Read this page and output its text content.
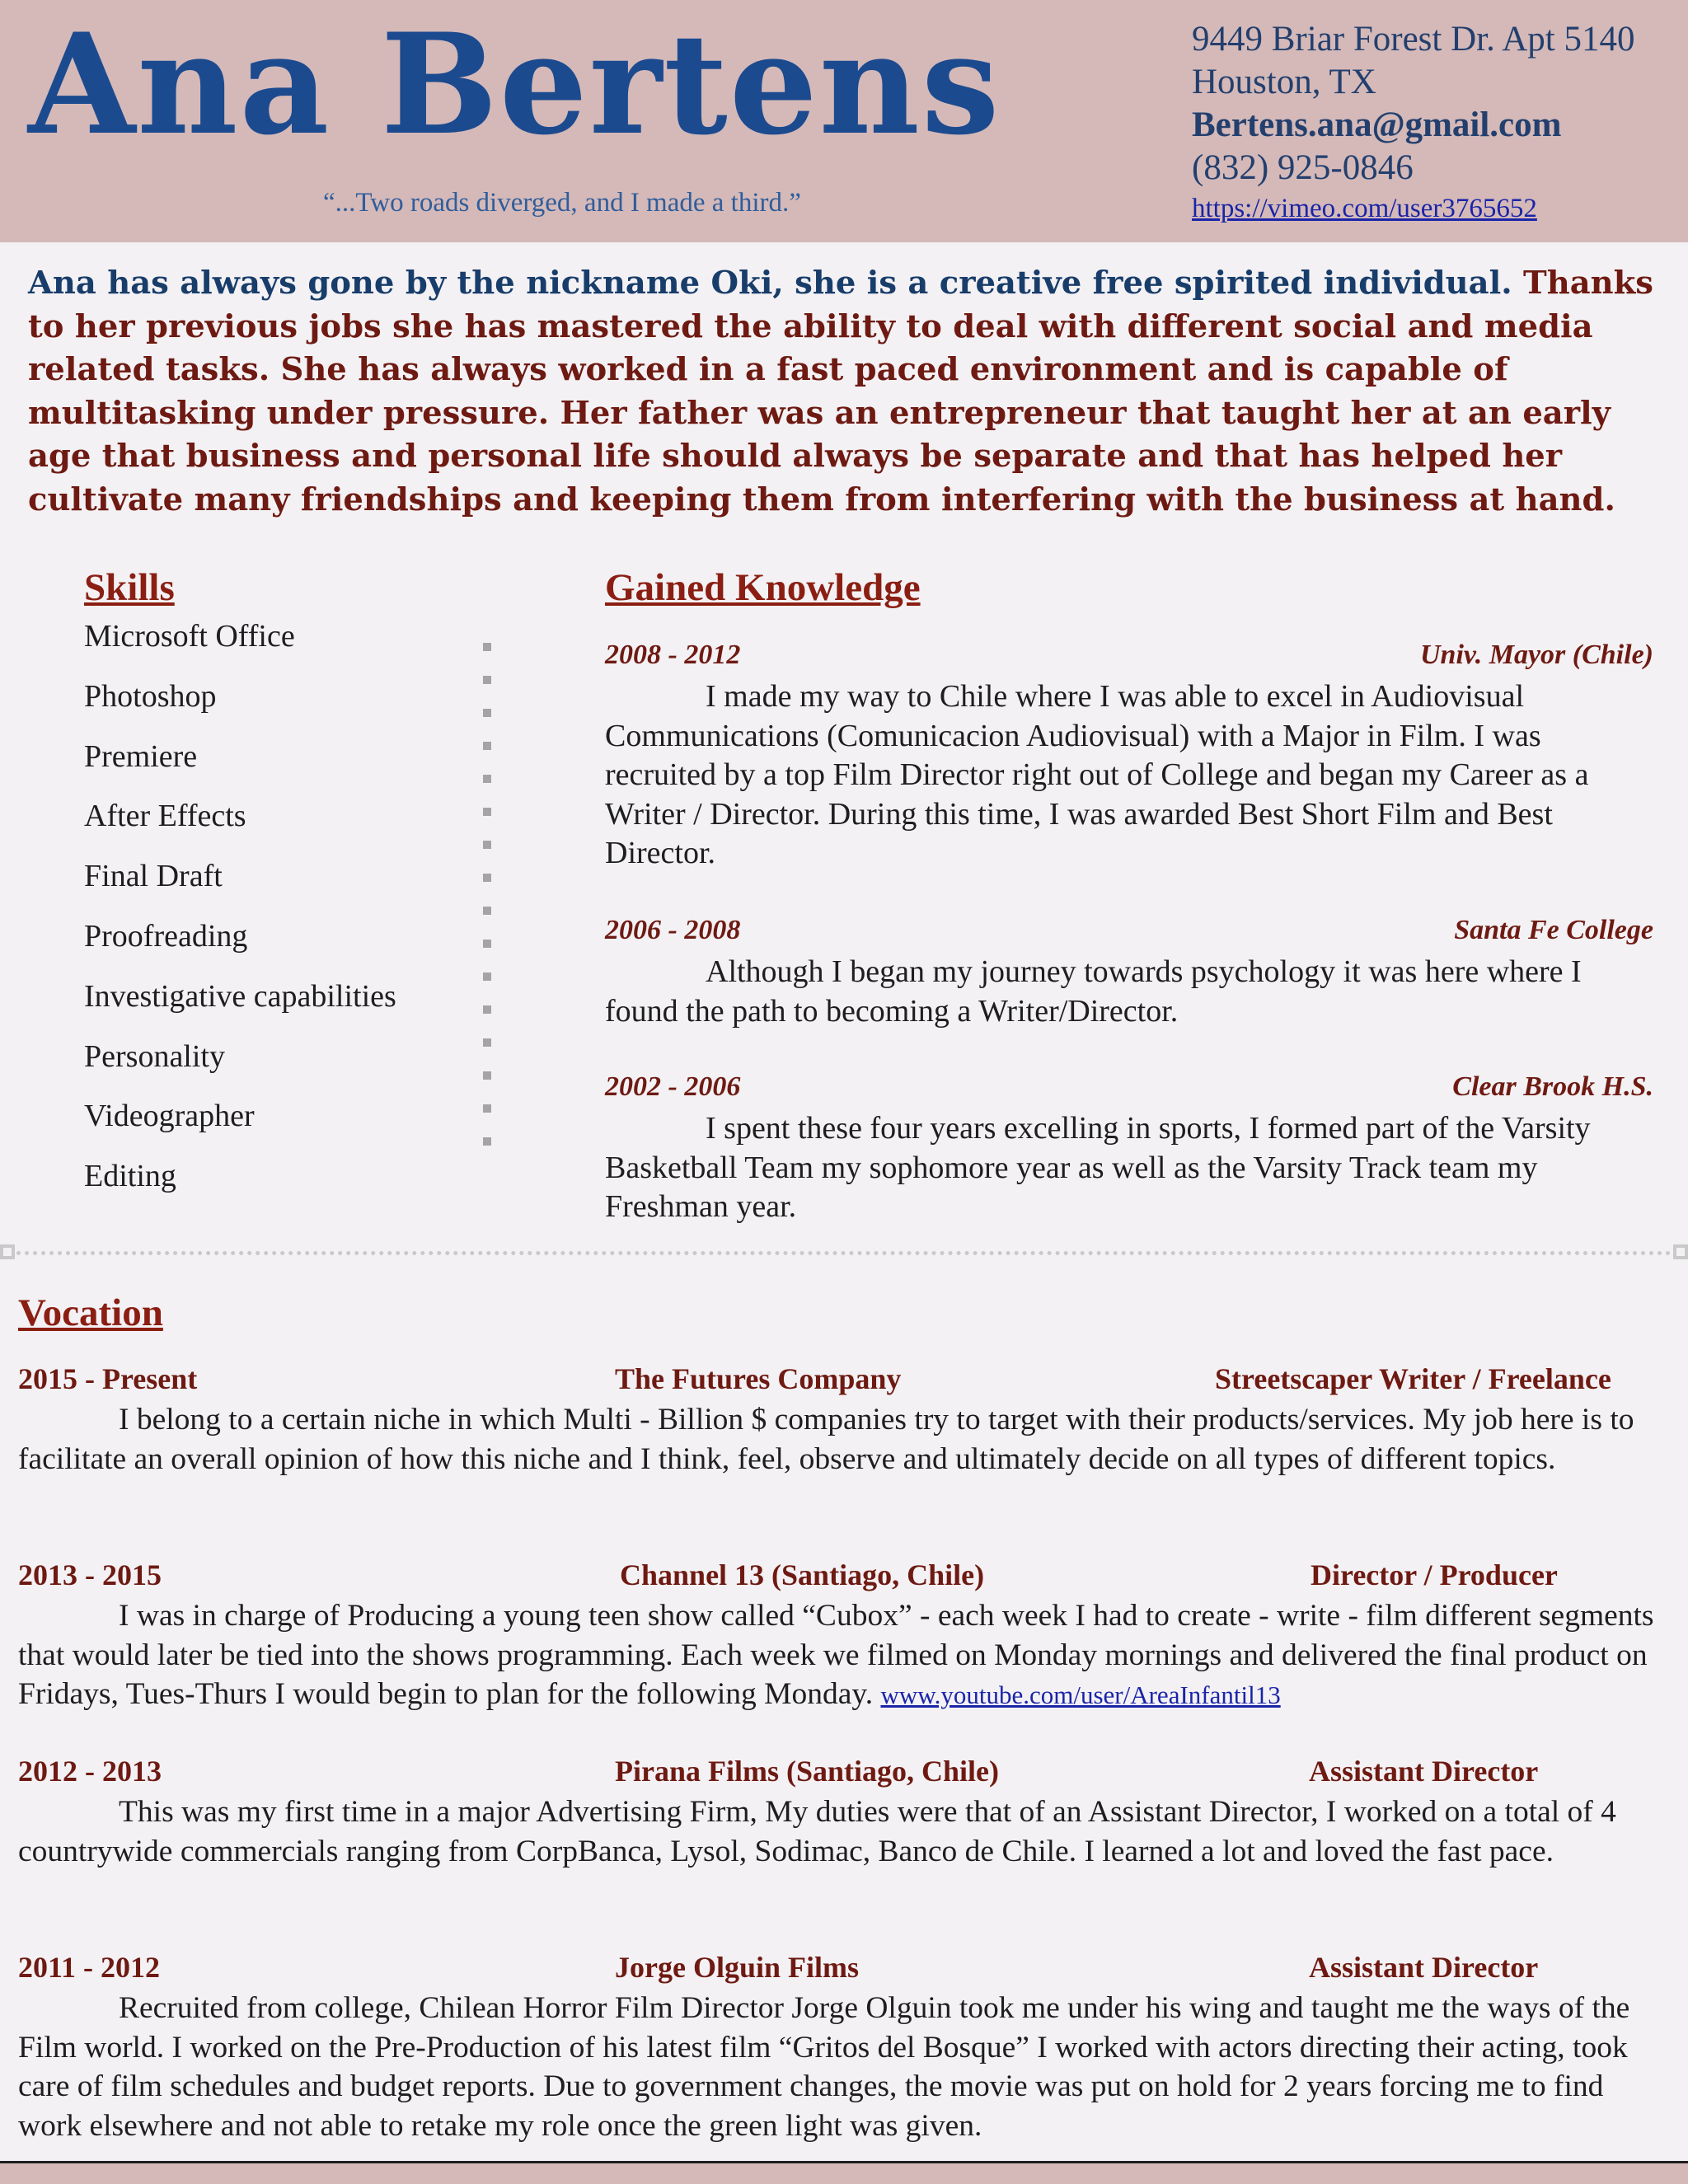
Ana Bertens
“...Two roads diverged, and I made a third.”
9449 Briar Forest Dr. Apt 5140
Houston, TX
Bertens.ana@gmail.com
(832) 925-0846
https://vimeo.com/user3765652

Ana has always gone by the nickname Oki, she is a creative free spirited individual. Thanks to her previous jobs she has mastered the ability to deal with different social and media related tasks. She has always worked in a fast paced environment and is capable of multitasking under pressure. Her father was an entrepreneur that taught her at an early age that business and personal life should always be separate and that has helped her cultivate many friendships and keeping them from interfering with the business at hand.

Skills
Microsoft Office
Photoshop
Premiere
After Effects
Final Draft
Proofreading
Investigative capabilities
Personality
Videographer
Editing
Gained Knowledge
2008 - 2012	Univ. Mayor (Chile)

I made my way to Chile where I was able to excel in Audiovisual Communications (Comunicacion Audiovisual) with a Major in Film. I was recruited by a top Film Director right out of College and began my Career as a Writer / Director. During this time, I was awarded Best Short Film and Best Director.

2006 - 2008	Santa Fe College

Although I began my journey towards psychology it was here where I found the path to becoming a Writer/Director.

2002 - 2006	Clear Brook H.S.

I spent these four years excelling in sports, I formed part of the Varsity Basketball Team my sophomore year as well as the Varsity Track team my Freshman year.

Vocation
2015 - Present	The Futures Company	Streetscaper Writer / Freelance

I belong to a certain niche in which Multi - Billion $ companies try to target with their products/services. My job here is to facilitate an overall opinion of how this niche and I think, feel, observe and ultimately decide on all types of different topics.

2013 - 2015	Channel 13 (Santiago, Chile)	Director / Producer

I was in charge of Producing a young teen show called “Cubox” - each week I had to create - write - film different segments that would later be tied into the shows programming. Each week we filmed on Monday mornings and delivered the final product on Fridays, Tues-Thurs I would begin to plan for the following Monday. www.youtube.com/user/AreaInfantil13

2012 - 2013	Pirana Films (Santiago, Chile)	Assistant Director

This was my first time in a major Advertising Firm, My duties were that of an Assistant Director, I worked on a total of 4 countrywide commercials ranging from CorpBanca, Lysol, Sodimac, Banco de Chile. I learned a lot and loved the fast pace.

2011 - 2012	Jorge Olguin Films	Assistant Director

Recruited from college, Chilean Horror Film Director Jorge Olguin took me under his wing and taught me the ways of the Film world. I worked on the Pre-Production of his latest film “Gritos del Bosque” I worked with actors directing their acting, took care of film schedules and budget reports. Due to government changes, the movie was put on hold for 2 years forcing me to find work elsewhere and not able to retake my role once the green light was given.
